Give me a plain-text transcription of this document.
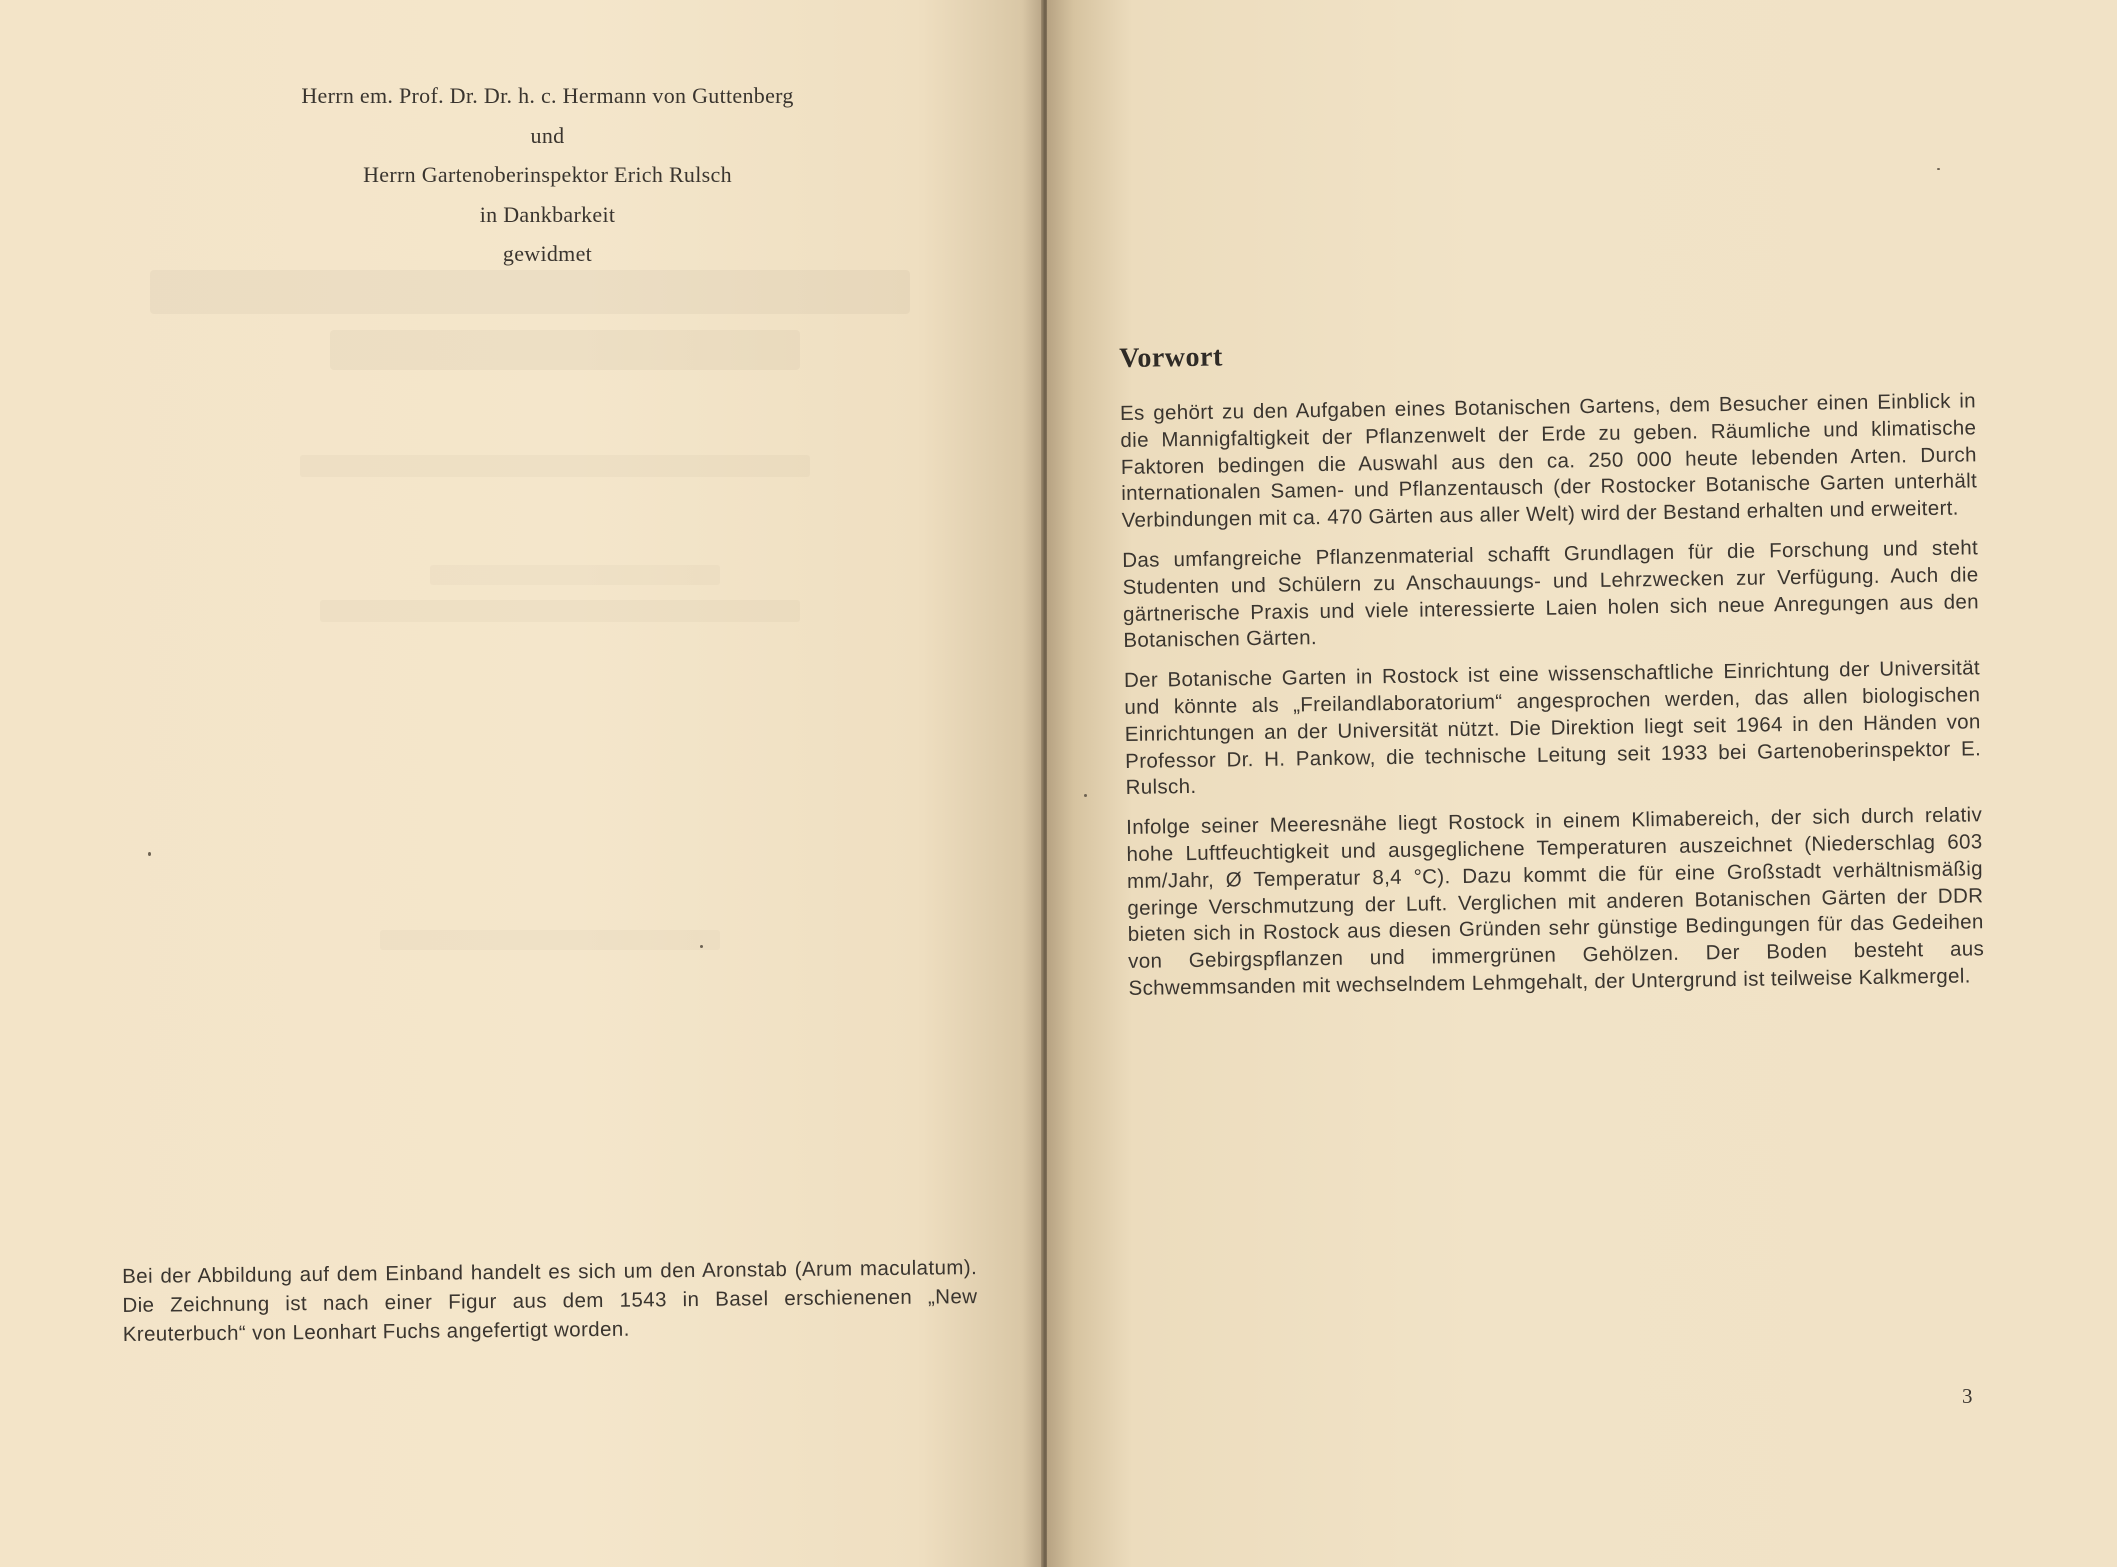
Herrn em. Prof. Dr. Dr. h. c. Hermann von Guttenberg
und
Herrn Gartenoberinspektor Erich Rulsch
in Dankbarkeit
gewidmet
Bei der Abbildung auf dem Einband handelt es sich um den Aronstab (Arum maculatum). Die Zeichnung ist nach einer Figur aus dem 1543 in Basel erschienenen „New Kreuterbuch“ von Leonhart Fuchs angefertigt worden.
Vorwort

Es gehört zu den Aufgaben eines Botanischen Gartens, dem Besucher einen Einblick in die Mannigfaltigkeit der Pflanzenwelt der Erde zu geben. Räumliche und klimatische Faktoren bedingen die Auswahl aus den ca. 250 000 heute lebenden Arten. Durch internationalen Samen- und Pflanzentausch (der Rostocker Botanische Garten unterhält Verbindungen mit ca. 470 Gärten aus aller Welt) wird der Bestand erhalten und erweitert.

Das umfangreiche Pflanzenmaterial schafft Grundlagen für die Forschung und steht Studenten und Schülern zu Anschauungs- und Lehrzwecken zur Verfügung. Auch die gärtnerische Praxis und viele interessierte Laien holen sich neue Anregungen aus den Botanischen Gärten.

Der Botanische Garten in Rostock ist eine wissenschaftliche Einrichtung der Universität und könnte als „Freilandlaboratorium“ angesprochen werden, das allen biologischen Einrichtungen an der Universität nützt. Die Direktion liegt seit 1964 in den Händen von Professor Dr. H. Pankow, die technische Leitung seit 1933 bei Gartenoberinspektor E. Rulsch.

Infolge seiner Meeresnähe liegt Rostock in einem Klimabereich, der sich durch relativ hohe Luftfeuchtigkeit und ausgeglichene Temperaturen auszeichnet (Niederschlag 603 mm/Jahr, Ø Temperatur 8,4 °C). Dazu kommt die für eine Großstadt verhältnismäßig geringe Verschmutzung der Luft. Verglichen mit anderen Botanischen Gärten der DDR bieten sich in Rostock aus diesen Gründen sehr günstige Bedingungen für das Gedeihen von Gebirgspflanzen und immergrünen Gehölzen. Der Boden besteht aus Schwemmsanden mit wechselndem Lehmgehalt, der Untergrund ist teilweise Kalkmergel.

3
